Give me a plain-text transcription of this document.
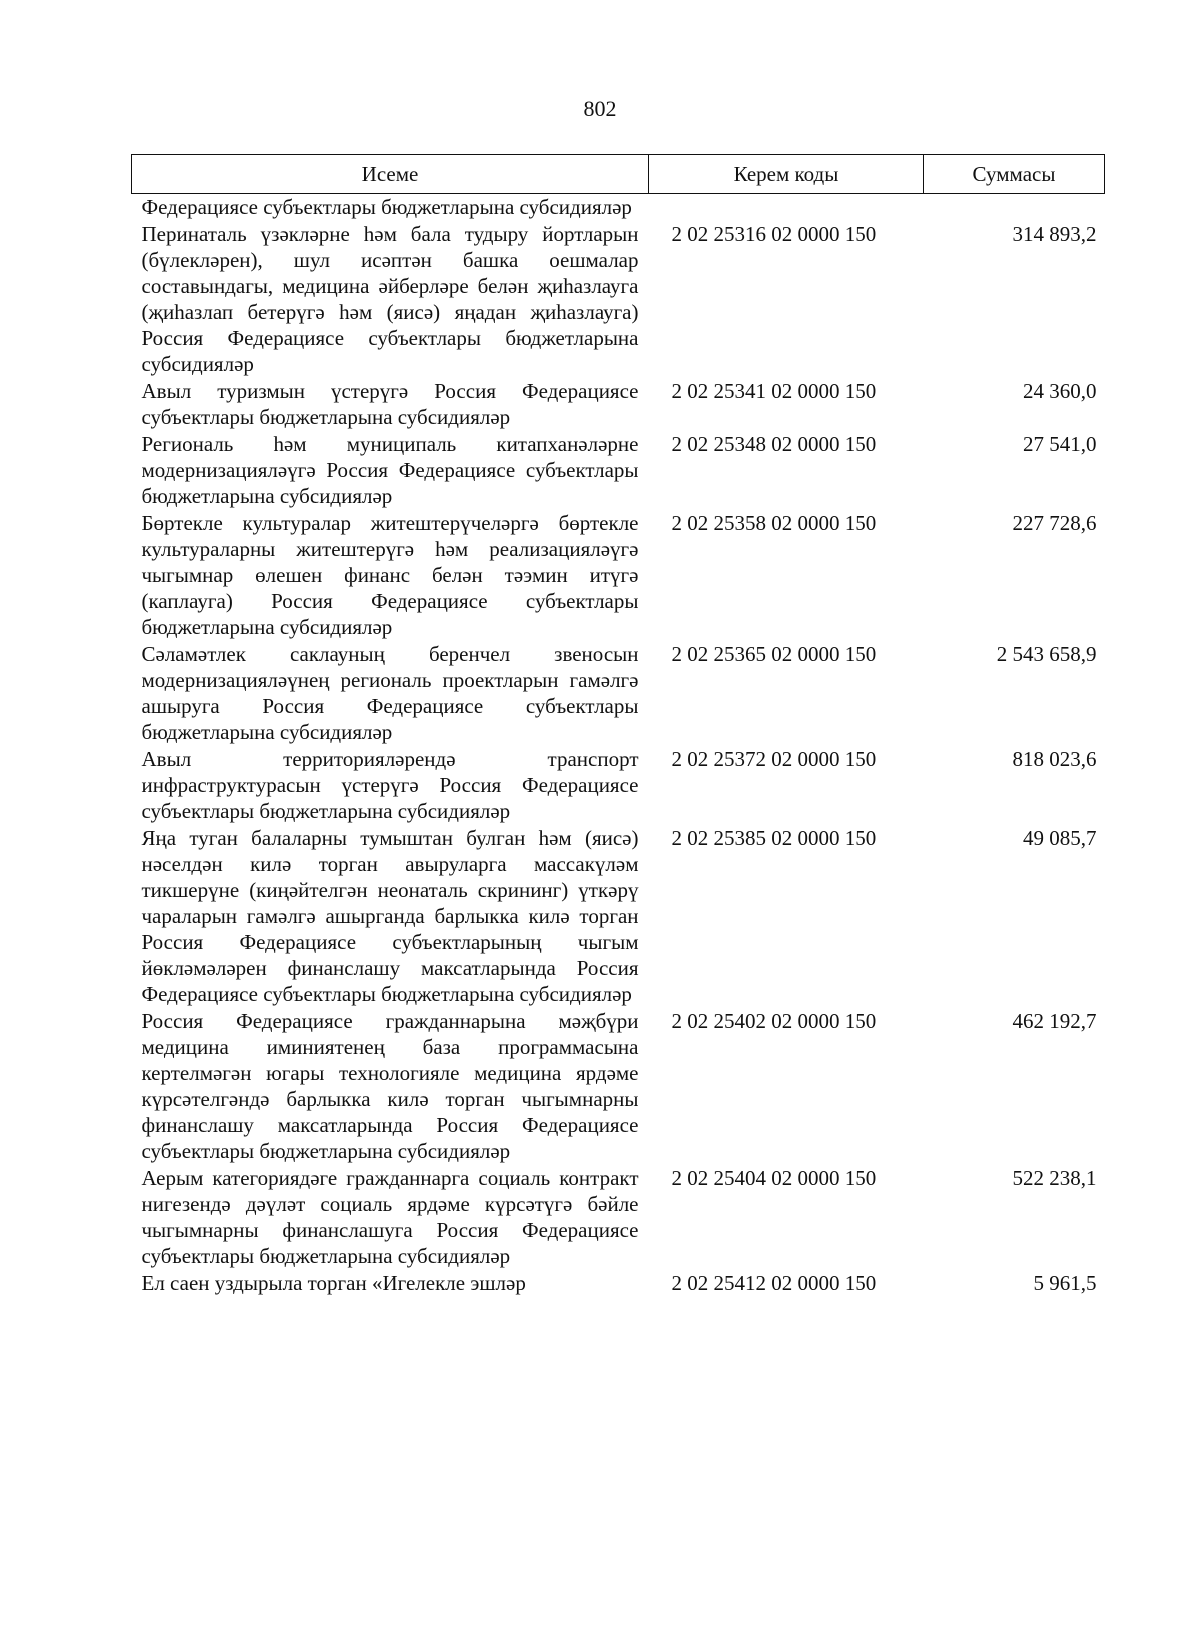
802
Исеме	Керем коды	Суммасы
Федерациясе субъектлары бюджетларына субсидияләр		
Перинаталь үзәкләрне һәм бала тудыру йортларын (бүлекләрен), шул исәптән башка оешмалар составындагы, медицина әйберләре белән җиһазлауга (җиһазлап бетерүгә һәм (яисә) яңадан җиһазлауга) Россия Федерациясе субъектлары бюджетларына субсидияләр	2 02 25316 02 0000 150	314 893,2
Авыл туризмын үстерүгә Россия Федерациясе субъектлары бюджетларына субсидияләр	2 02 25341 02 0000 150	24 360,0
Региональ һәм муниципаль китапханәләрне модернизацияләүгә Россия Федерациясе субъектлары бюджетларына субсидияләр	2 02 25348 02 0000 150	27 541,0
Бөртекле культуралар житештерүчеләргә бөртекле культураларны житештерүгә һәм реализацияләүгә чыгымнар өлешен финанс белән тәэмин итүгә (каплауга) Россия Федерациясе субъектлары бюджетларына субсидияләр	2 02 25358 02 0000 150	227 728,6
Сәламәтлек саклауның беренчел звеносын модернизацияләүнең региональ проектларын гамәлгә ашыруга Россия Федерациясе субъектлары бюджетларына субсидияләр	2 02 25365 02 0000 150	2 543 658,9
Авыл территорияләрендә транспорт инфраструктурасын үстерүгә Россия Федерациясе субъектлары бюджетларына субсидияләр	2 02 25372 02 0000 150	818 023,6
Яңа туган балаларны тумыштан булган һәм (яисә) нәселдән килә торган авыруларга массакүләм тикшерүне (киңәйтелгән неонаталь скрининг) үткәрү чараларын гамәлгә ашырганда барлыкка килә торган Россия Федерациясе субъектларының чыгым йөкләмәләрен финанслашу максатларында Россия Федерациясе субъектлары бюджетларына субсидияләр	2 02 25385 02 0000 150	49 085,7
Россия Федерациясе гражданнарына мәҗбүри медицина иминиятенең база программасына кертелмәгән югары технологияле медицина ярдәме күрсәтелгәндә барлыкка килә торган чыгымнарны финанслашу максатларында Россия Федерациясе субъектлары бюджетларына субсидияләр	2 02 25402 02 0000 150	462 192,7
Аерым категориядәге гражданнарга социаль контракт нигезендә дәүләт социаль ярдәме күрсәтүгә бәйле чыгымнарны финанслашуга Россия Федерациясе субъектлары бюджетларына субсидияләр	2 02 25404 02 0000 150	522 238,1
Ел саен уздырыла торган «Игелекле эшләр	2 02 25412 02 0000 150	5 961,5
